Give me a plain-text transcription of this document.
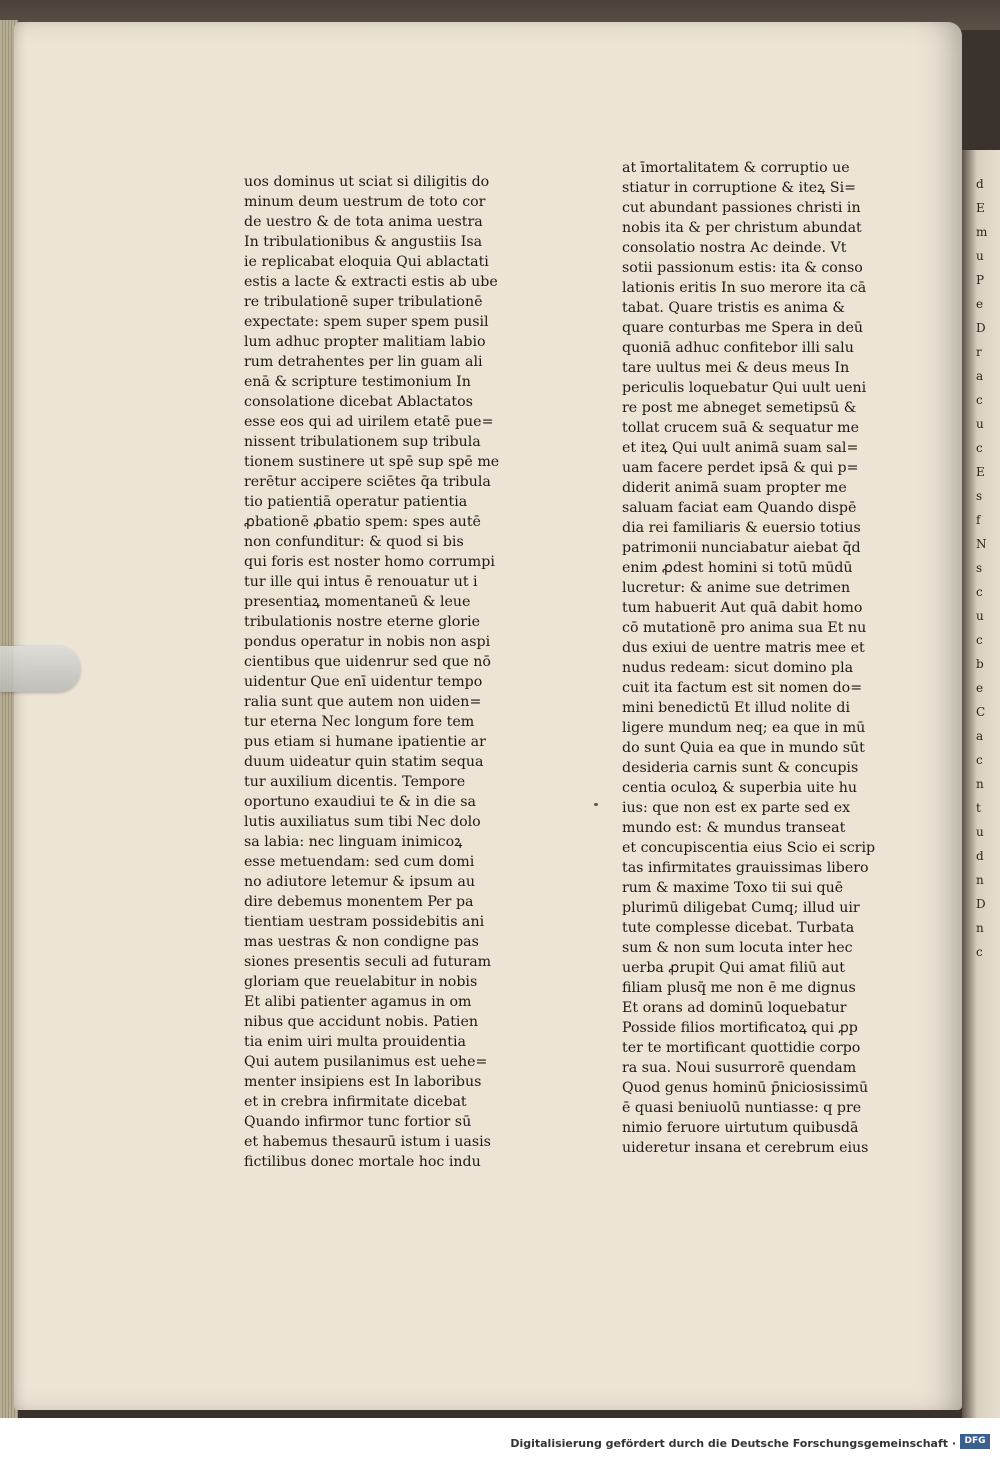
d
E
m
u
P
e
D
r
a
c
u
c
E
s
f
N
s
c
u
c
b
e
C
a
c
n
t
u
d
n
D
n
c
uos dominus ut sciat si diligitis do
minum deum uestrum de toto cor
de uestro & de tota anima uestra
In tribulationibus & angustiis Isa
ie replicabat eloquia Qui ablactati
estis a lacte & extracti estis ab ube
re tribulationē super tribulationē
expectate: spem super spem pusil
lum adhuc propter malitiam labio
rum detrahentes per lin guam ali
enā & scripture testimonium In
consolatione dicebat Ablactatos
esse eos qui ad uirilem etatē pue=
nissent tribulationem sup tribula
tionem sustinere ut spē sup spē me
rerētur accipere sciētes q̄a tribula
tio patientiā operatur patientia
ꝓbationē ꝓbatio spem: spes autē
non confunditur: & quod si bis
qui foris est noster homo corrumpi
tur ille qui intus ē renouatur ut i
presentiaꝝ momentaneū & leue
tribulationis nostre eterne glorie
pondus operatur in nobis non aspi
cientibus que uidenrur sed que nō
uidentur Que enī uidentur tempo
ralia sunt que autem non uiden=
tur eterna Nec longum fore tem
pus etiam si humane ipatientie ar
duum uideatur quin statim sequa
tur auxilium dicentis. Tempore
oportuno exaudiui te & in die sa
lutis auxiliatus sum tibi Nec dolo
sa labia: nec linguam inimicoꝝ
esse metuendam: sed cum domi
no adiutore letemur & ipsum au
dire debemus monentem Per pa
tientiam uestram possidebitis ani
mas uestras & non condigne pas
siones presentis seculi ad futuram
gloriam que reuelabitur in nobis
Et alibi patienter agamus in om
nibus que accidunt nobis. Patien
tia enim uiri multa prouidentia
Qui autem pusilanimus est uehe=
menter insipiens est In laboribus
et in crebra infirmitate dicebat
Quando infirmor tunc fortior sū
et habemus thesaurū istum i uasis
fictilibus donec mortale hoc indu
at īmortalitatem & corruptio ue
stiatur in corruptione & iteꝝ Si=
cut abundant passiones christi in
nobis ita & per christum abundat
consolatio nostra Ac deinde. Vt
sotii passionum estis: ita & conso
lationis eritis In suo merore ita cā
tabat. Quare tristis es anima &
quare conturbas me Spera in deū
quoniā adhuc confitebor illi salu
tare uultus mei & deus meus In
periculis loquebatur Qui uult ueni
re post me abneget semetipsū &
tollat crucem suā & sequatur me
et iteꝝ Qui uult animā suam sal=
uam facere perdet ipsā & qui p=
diderit animā suam propter me
saluam faciat eam Quando dispē
dia rei familiaris & euersio totius
patrimonii nunciabatur aiebat q̄d
enim ꝓdest homini si totū mūdū
lucretur: & anime sue detrimen
tum habuerit Aut quā dabit homo
cō mutationē pro anima sua Et nu
dus exiui de uentre matris mee et
nudus redeam: sicut domino pla
cuit ita factum est sit nomen do=
mini benedictū Et illud nolite di
ligere mundum neq; ea que in mū
do sunt Quia ea que in mundo sūt
desideria carnis sunt & concupis
centia oculoꝝ & superbia uite hu
ius: que non est ex parte sed ex
mundo est: & mundus transeat
et concupiscentia eius Scio ei scrip
tas infirmitates grauissimas libero
rum & maxime Toxo tii sui quē
plurimū diligebat Cumq; illud uir
tute complesse dicebat. Turbata
sum & non sum locuta inter hec
uerba ꝓrupit Qui amat filiū aut
filiam plusq̄ me non ē me dignus
Et orans ad dominū loquebatur
Posside filios mortificatoꝝ qui ꝓp
ter te mortificant quottidie corpo
ra sua. Noui susurrorē quendam
Quod genus hominū p̄niciosissimū
ē quasi beniuolū nuntiasse: q pre
nimio feruore uirtutum quibusdā
uideretur insana et cerebrum eius
Digitalisierung gefördert durch die Deutsche Forschungsgemeinschaft · DFG
